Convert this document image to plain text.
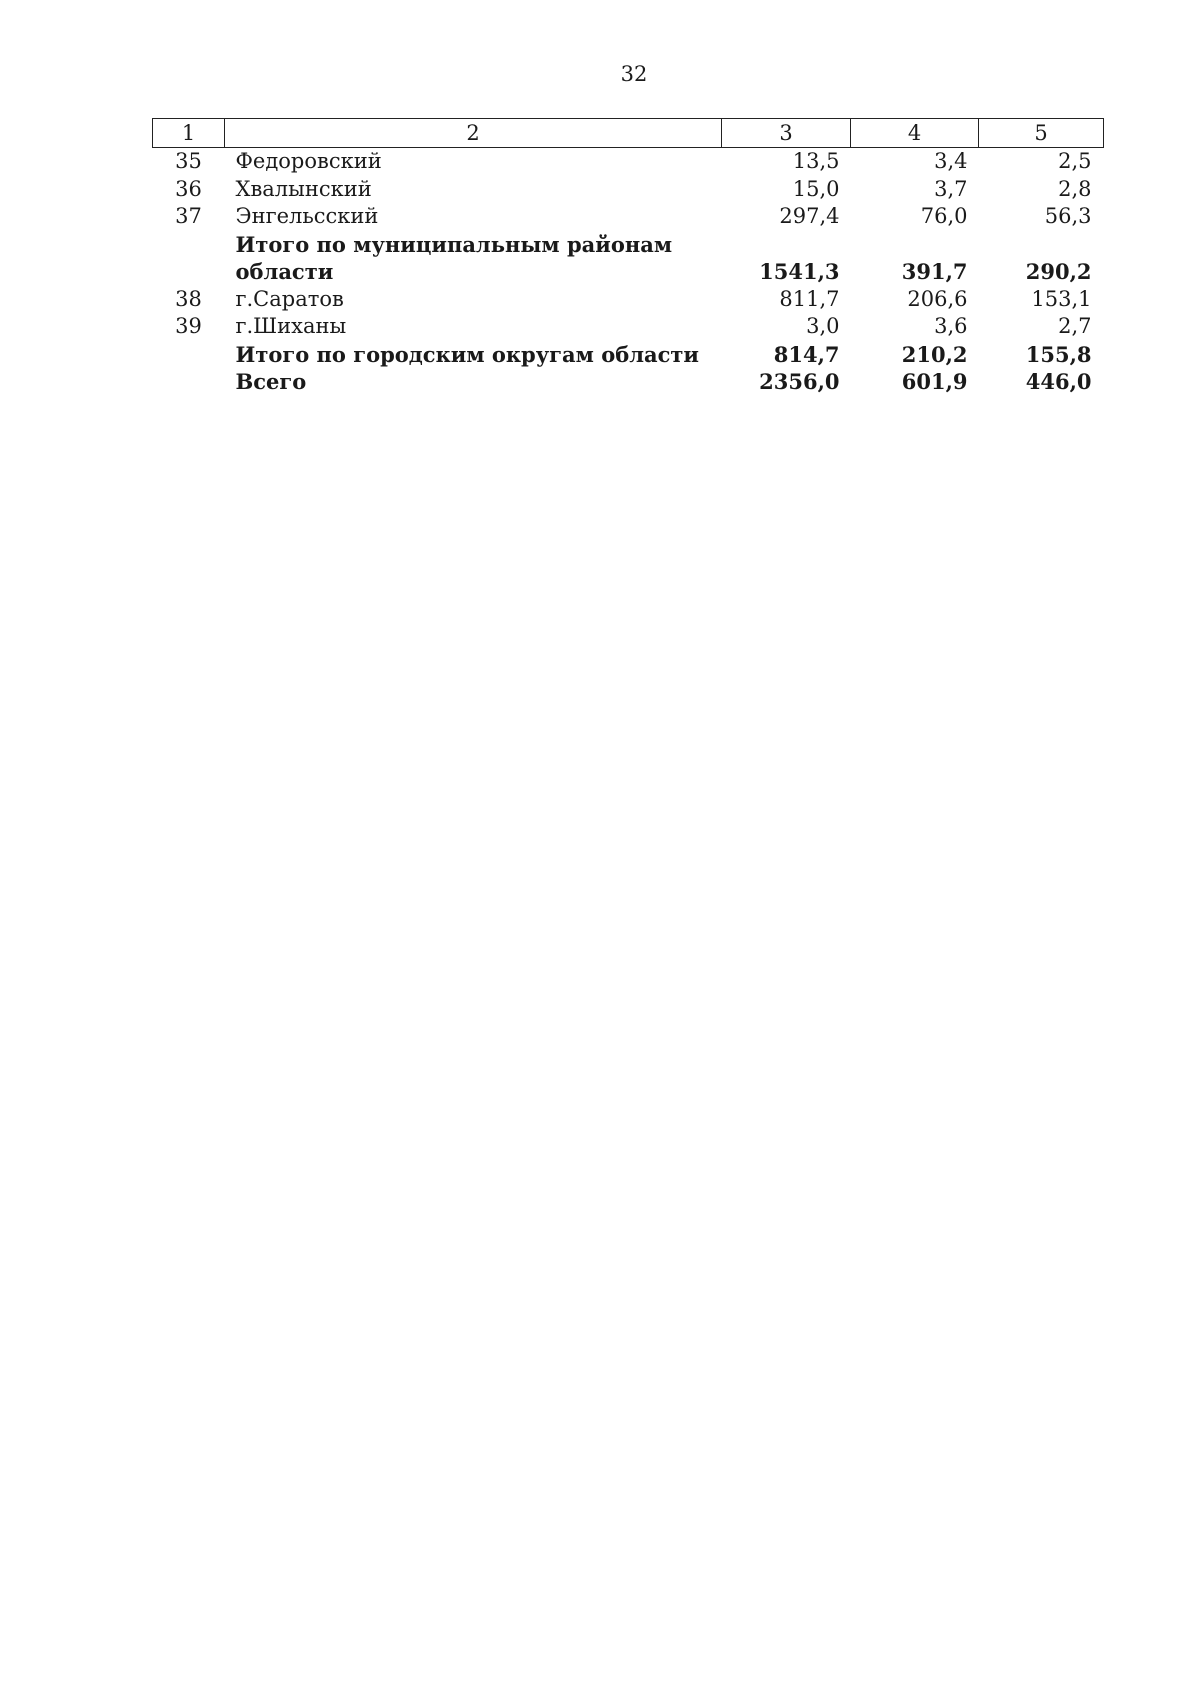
32
1	2	3	4	5
35	Федоровский	13,5	3,4	2,5
36	Хвалынский	15,0	3,7	2,8
37	Энгельсский	297,4	76,0	56,3
	Итого по муниципальным районам			
	области	1541,3	391,7	290,2
38	г.Саратов	811,7	206,6	153,1
39	г.Шиханы	3,0	3,6	2,7
	Итого по городским округам области	814,7	210,2	155,8
	Всего	2356,0	601,9	446,0
